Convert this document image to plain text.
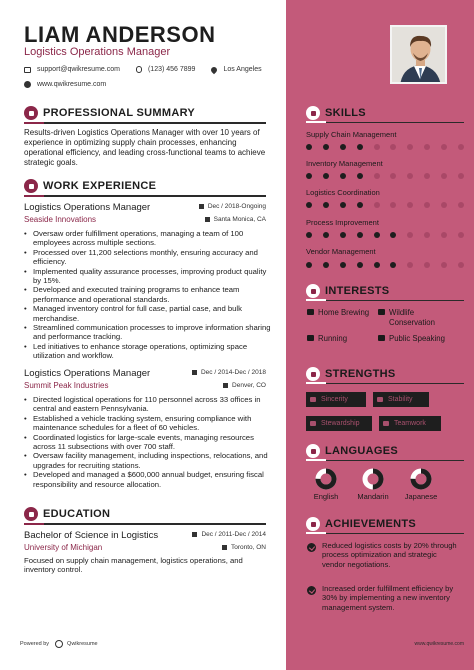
LIAM ANDERSON
Logistics Operations Manager
support@qwikresume.com	(123) 456 7899	Los Angeles
www.qwikresume.com
PROFESSIONAL SUMMARY
Results-driven Logistics Operations Manager with over 10 years of experience in optimizing supply chain processes, enhancing operational efficiency, and leading cross-functional teams to achieve strategic goals.
WORK EXPERIENCE
Logistics Operations Manager	Dec / 2018-Ongoing
Seaside Innovations	Santa Monica, CA
• Oversaw order fulfillment operations, managing a team of 100 employees across multiple sections.
• Processed over 11,200 selections monthly, ensuring accuracy and efficiency.
• Implemented quality assurance processes, improving product quality by 15%.
• Developed and executed training programs to enhance team performance and operational standards.
• Managed inventory control for full case, partial case, and bulk merchandise.
• Streamlined communication processes to improve information sharing and performance tracking.
• Led initiatives to enhance storage operations, optimizing space utilization and workflow.
Logistics Operations Manager	Dec / 2014-Dec / 2018
Summit Peak Industries	Denver, CO
• Directed logistical operations for 110 personnel across 33 offices in central and eastern Pennsylvania.
• Established a vehicle tracking system, ensuring compliance with maintenance schedules for a fleet of 60 vehicles.
• Coordinated logistics for large-scale events, managing resources across 11 subsections with over 700 staff.
• Oversaw facility management, including inspections, relocations, and upgrades for recruiting stations.
• Developed and managed a $600,000 annual budget, ensuring fiscal responsibility and resource allocation.
EDUCATION
Bachelor of Science in Logistics	Dec / 2011-Dec / 2014
University of Michigan	Toronto, ON
Focused on supply chain management, logistics operations, and inventory control.
Powered by	Qwikresume
SKILLS
Supply Chain Management
Inventory Management
Logistics Coordination
Process Improvement
Vendor Management
INTERESTS
Home Brewing	Wildlife Conservation
Running	Public Speaking
STRENGTHS
Sincerity	Stability
Stewardship	Teamwork
LANGUAGES
English	Mandarin	Japanese
ACHIEVEMENTS
Reduced logistics costs by 20% through process optimization and strategic vendor negotiations.
Increased order fulfillment efficiency by 30% by implementing a new inventory management system.
www.qwikresume.com
